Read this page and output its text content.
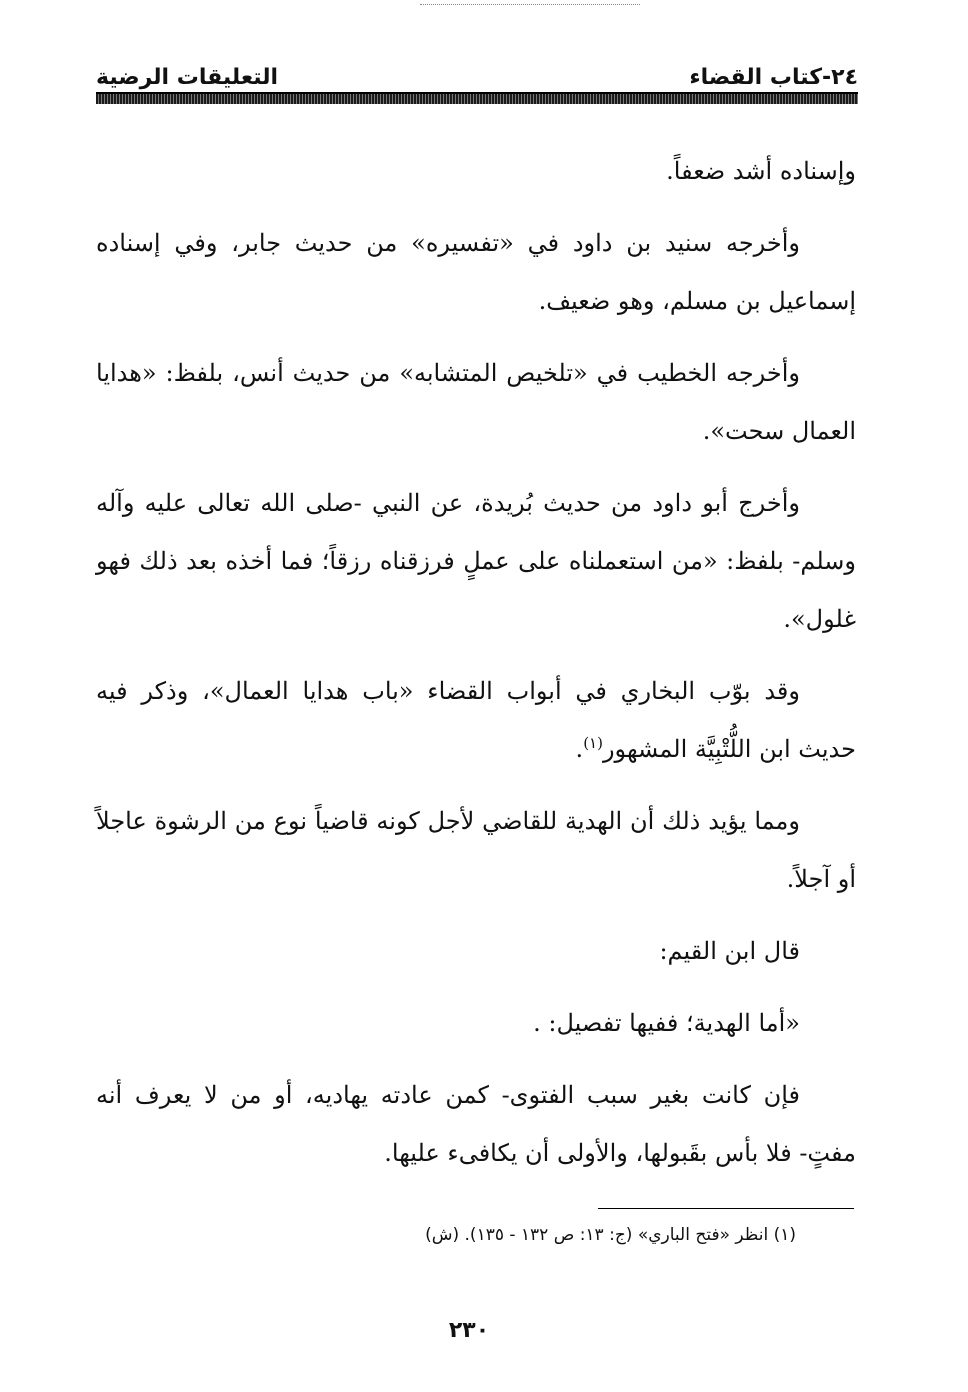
٢٤-كتاب القضاء
التعليقات الرضية

وإسناده أشد ضعفاً.

وأخرجه سنيد بن داود في «تفسيره» من حديث جابر، وفي إسناده إسماعيل بن مسلم، وهو ضعيف.

وأخرجه الخطيب في «تلخيص المتشابه» من حديث أنس، بلفظ: «هدايا العمال سحت».

وأخرج أبو داود من حديث بُريدة، عن النبي -صلى الله تعالى عليه وآله وسلم- بلفظ: «من استعملناه على عملٍ فرزقناه رزقاً؛ فما أخذه بعد ذلك فهو غلول».

وقد بوّب البخاري في أبواب القضاء «باب هدايا العمال»، وذكر فيه حديث ابن اللُّتْبِيَّة المشهور$^{(١)}$.

ومما يؤيد ذلك أن الهدية للقاضي لأجل كونه قاضياً نوع من الرشوة عاجلاً أو آجلاً.

قال ابن القيم:

«أما الهدية؛ ففيها تفصيل: .

فإن كانت بغير سبب الفتوى- كمن عادته يهاديه، أو من لا يعرف أنه مفتٍ- فلا بأس بقَبولها، والأولى أن يكافىء عليها.

(١) انظر «فتح الباري» (ج: ١٣: ص ١٣٢ - ١٣٥). (ش)
٢٣٠
